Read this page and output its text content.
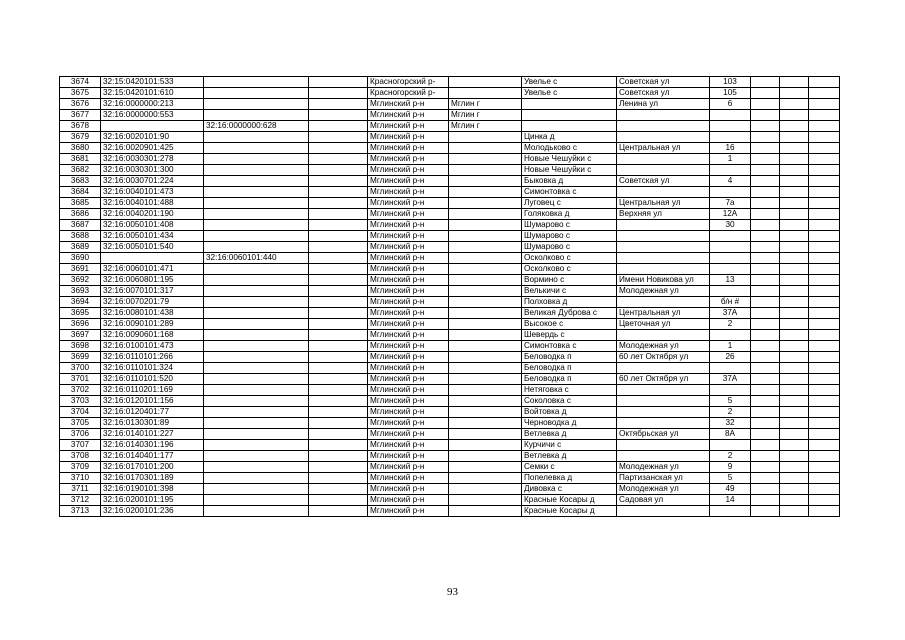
3674	32:15:0420101:533			Красногорский р-		Увелье с	Советская ул	103			
3675	32:15:0420101:610			Красногорский р-		Увелье с	Советская ул	105			
3676	32:16:0000000:213			Мглинский р-н	Мглин г		Ленина ул	6			
3677	32:16:0000000:553			Мглинский р-н	Мглин г						
3678		32:16:0000000:628		Мглинский р-н	Мглин г						
3679	32:16:0020101:90			Мглинский р-н		Цинка д					
3680	32:16:0020901:425			Мглинский р-н		Молодьково с	Центральная ул	16			
3681	32:16:0030301:278			Мглинский р-н		Новые Чешуйки с		1			
3682	32:16:0030301:300			Мглинский р-н		Новые Чешуйки с					
3683	32:16:0030701:224			Мглинский р-н		Быковка д	Советская ул	4			
3684	32:16:0040101:473			Мглинский р-н		Симонтовка с					
3685	32:16:0040101:488			Мглинский р-н		Луговец с	Центральная ул	7а			
3686	32:16:0040201:190			Мглинский р-н		Голяковка д	Верхняя ул	12А			
3687	32:16:0050101:408			Мглинский р-н		Шумарово с		30			
3688	32:16:0050101:434			Мглинский р-н		Шумарово с					
3689	32:16:0050101:540			Мглинский р-н		Шумарово с					
3690		32:16:0060101:440		Мглинский р-н		Осколково с					
3691	32:16:0060101:471			Мглинский р-н		Осколково с					
3692	32:16:0060801:195			Мглинский р-н		Вормино с	Имени Новикова ул	13			
3693	32:16:0070101:317			Мглинский р-н		Велькичи с	Молодежная ул				
3694	32:16:0070201:79			Мглинский р-н		Полховка д		б/н #			
3695	32:16:0080101:438			Мглинский р-н		Великая Дуброва с	Центральная ул	37А			
3696	32:16:0090101:289			Мглинский р-н		Высокое с	Цветочная ул	2			
3697	32:16:0090601:168			Мглинский р-н		Шевердь с					
3698	32:16:0100101:473			Мглинский р-н		Симонтовка с	Молодежная ул	1			
3699	32:16:0110101:266			Мглинский р-н		Беловодка п	60 лет Октября ул	26			
3700	32:16:0110101:324			Мглинский р-н		Беловодка п					
3701	32:16:0110101:520			Мглинский р-н		Беловодка п	60 лет Октября ул	37А			
3702	32:16:0110201:169			Мглинский р-н		Нетяговка с					
3703	32:16:0120101:156			Мглинский р-н		Соколовка с		5			
3704	32:16:0120401:77			Мглинский р-н		Войтовка д		2			
3705	32:16:0130301:89			Мглинский р-н		Черноводка д		32			
3706	32:16:0140101:227			Мглинский р-н		Ветлевка д	Октябрьская ул	8А			
3707	32:16:0140301:196			Мглинский р-н		Курчичи с					
3708	32:16:0140401:177			Мглинский р-н		Ветлевка д		2			
3709	32:16:0170101:200			Мглинский р-н		Семки с	Молодежная ул	9			
3710	32:16:0170301:189			Мглинский р-н		Попелевка д	Партизанская ул	5			
3711	32:16:0190101:398			Мглинский р-н		Дивовка с	Молодежная ул	49			
3712	32:16:0200101:195			Мглинский р-н		Красные Косары д	Садовая ул	14			
3713	32:16:0200101:236			Мглинский р-н		Красные Косары д					
93
